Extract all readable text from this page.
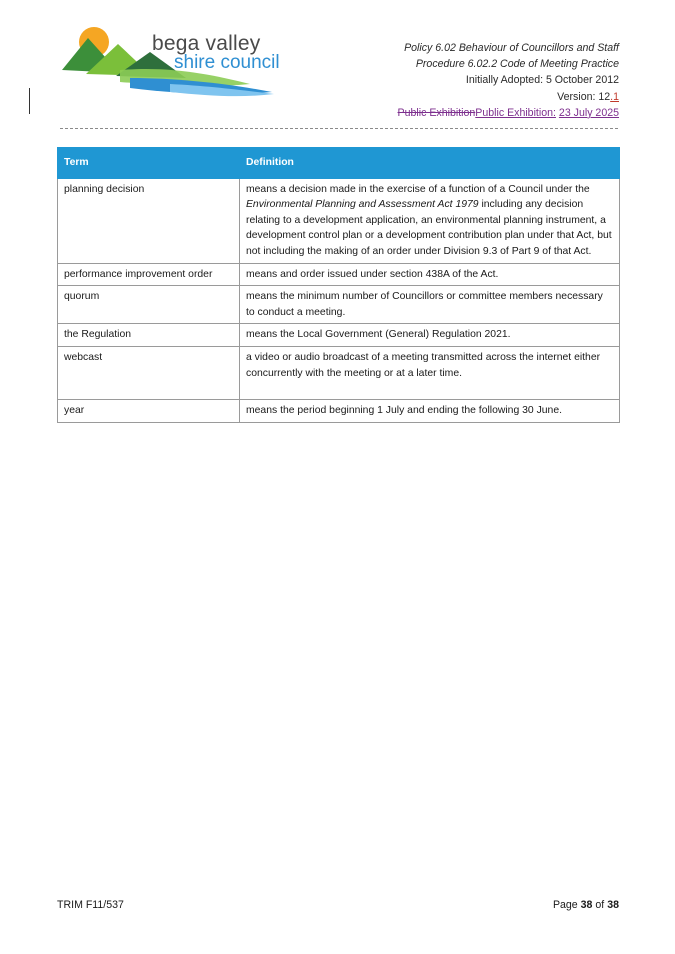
bega valley
shire council
Policy 6.02 Behaviour of Councillors and Staff
Procedure 6.02.2 Code of Meeting Practice
Initially Adopted: 5 October 2012
Version: 12.1
Public ExhibitionPublic Exhibition: 23 July 2025
Term	Definition
planning decision	means a decision made in the exercise of a function of a Council under the Environmental Planning and Assessment Act 1979 including any decision relating to a development application, an environmental planning instrument, a development control plan or a development contribution plan under that Act, but not including the making of an order under Division 9.3 of Part 9 of that Act.
performance improvement order	means and order issued under section 438A of the Act.
quorum	means the minimum number of Councillors or committee members necessary to conduct a meeting.
the Regulation	means the Local Government (General) Regulation 2021.
webcast	a video or audio broadcast of a meeting transmitted across the internet either concurrently with the meeting or at a later time.
year	means the period beginning 1 July and ending the following 30 June.
TRIM F11/537	Page 38 of 38
